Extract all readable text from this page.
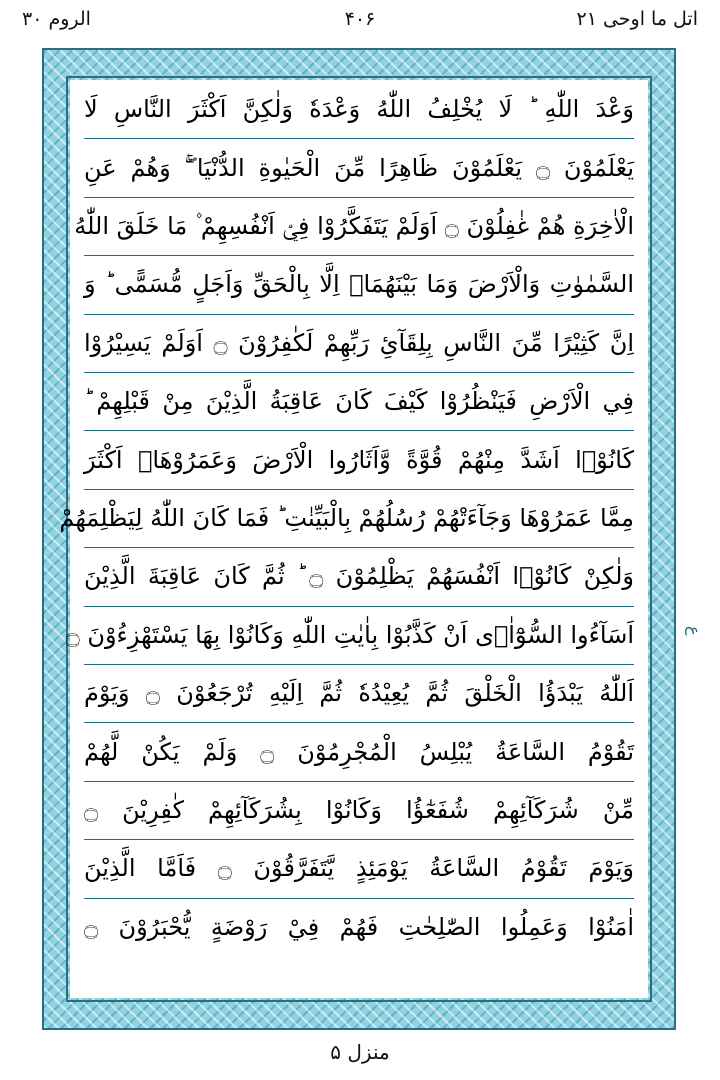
الروم ۳۰	۴۰۶	اتل ما اوحی ۲۱
وَعْدَ اللّٰهِ ؕ لَا يُخْلِفُ اللّٰهُ وَعْدَهٗ وَلٰكِنَّ اَكْثَرَ النَّاسِ لَا
يَعْلَمُوْنَ ۝ يَعْلَمُوْنَ ظَاهِرًا مِّنَ الْحَيٰوةِ الدُّنْيَا ۖۚ وَهُمْ عَنِ
الْاٰخِرَةِ هُمْ غٰفِلُوْنَ ۝ اَوَلَمْ يَتَفَكَّرُوْا فِيْۤ اَنْفُسِهِمْ ۫ مَا خَلَقَ اللّٰهُ
السَّمٰوٰتِ وَالْاَرْضَ وَمَا بَيْنَهُمَاۤ اِلَّا بِالْحَقِّ وَاَجَلٍ مُّسَمًّى ؕ وَ
اِنَّ كَثِيْرًا مِّنَ النَّاسِ بِلِقَآئِ رَبِّهِمْ لَكٰفِرُوْنَ ۝ اَوَلَمْ يَسِيْرُوْا
فِي الْاَرْضِ فَيَنْظُرُوْا كَيْفَ كَانَ عَاقِبَةُ الَّذِيْنَ مِنْ قَبْلِهِمْ ؕ
كَانُوْۤا اَشَدَّ مِنْهُمْ قُوَّةً وَّاَثَارُوا الْاَرْضَ وَعَمَرُوْهَاۤ اَكْثَرَ
مِمَّا عَمَرُوْهَا وَجَآءَتْهُمْ رُسُلُهُمْ بِالْبَيِّنٰتِ ؕ فَمَا كَانَ اللّٰهُ لِيَظْلِمَهُمْ
وَلٰكِنْ كَانُوْۤا اَنْفُسَهُمْ يَظْلِمُوْنَ ۝ ؕ ثُمَّ كَانَ عَاقِبَةَ الَّذِيْنَ
اَسَآءُوا السُّوْٓاٰۤى اَنْ كَذَّبُوْا بِاٰيٰتِ اللّٰهِ وَكَانُوْا بِهَا يَسْتَهْزِءُوْنَ ۝
اَللّٰهُ يَبْدَؤُا الْخَلْقَ ثُمَّ يُعِيْدُهٗ ثُمَّ اِلَيْهِ تُرْجَعُوْنَ ۝ وَيَوْمَ
تَقُوْمُ السَّاعَةُ يُبْلِسُ الْمُجْرِمُوْنَ ۝ وَلَمْ يَكُنْ لَّهُمْ
مِّنْ شُرَكَآئِهِمْ شُفَعٰٓؤُا وَكَانُوْا بِشُرَكَآئِهِمْ كٰفِرِيْنَ ۝
وَيَوْمَ تَقُوْمُ السَّاعَةُ يَوْمَئِذٍ يَّتَفَرَّقُوْنَ ۝ فَاَمَّا الَّذِيْنَ
اٰمَنُوْا وَعَمِلُوا الصّٰلِحٰتِ فَهُمْ فِيْ رَوْضَةٍ يُّحْبَرُوْنَ ۝
ع
منزل ۵
